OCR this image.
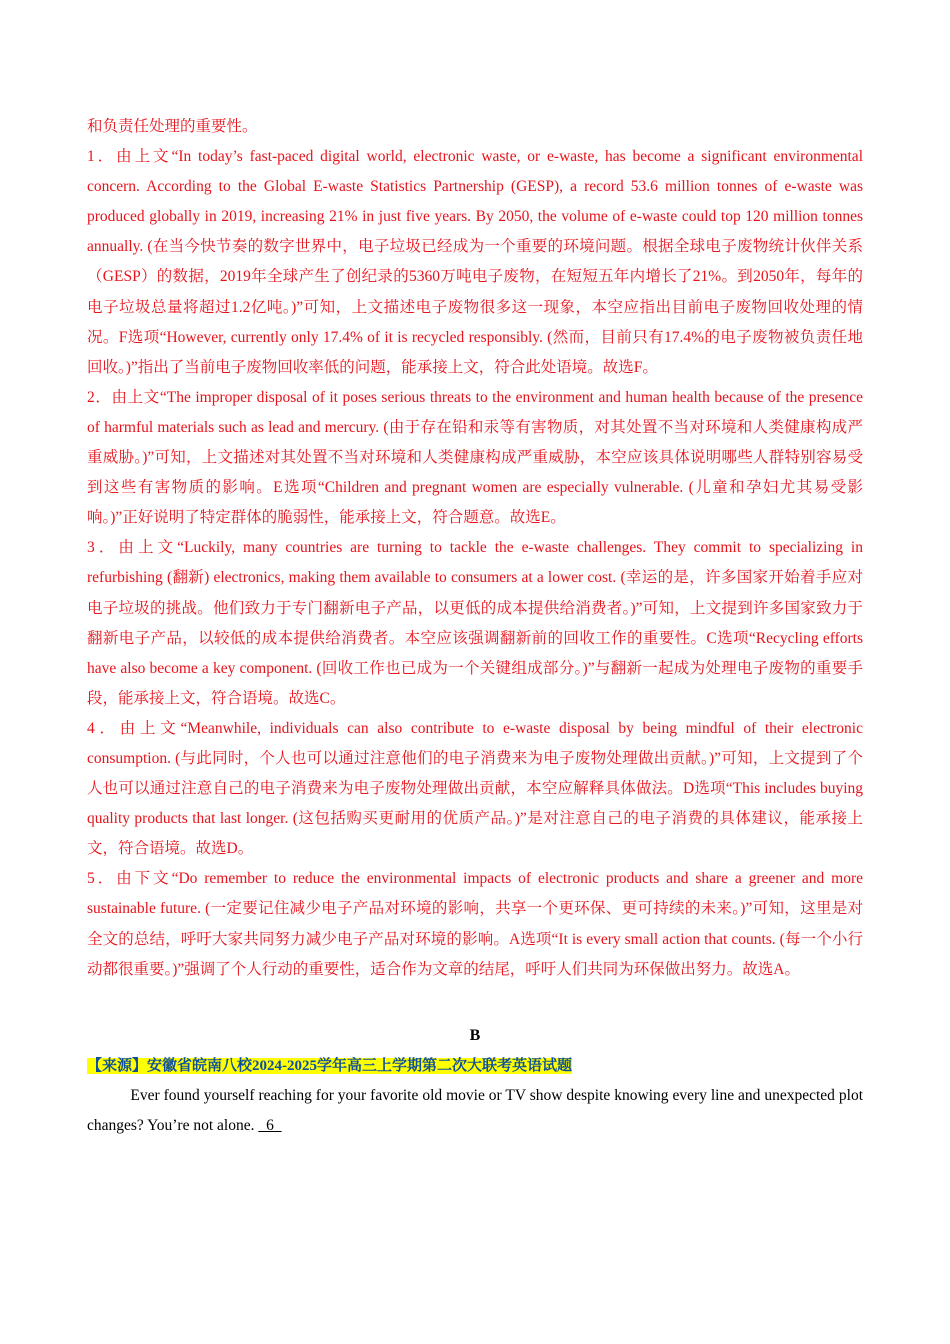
和负责任处理的重要性。

1．由上文“In today’s fast-paced digital world, electronic waste, or e-waste, has become a significant environmental concern. According to the Global E-waste Statistics Partnership (GESP), a record 53.6 million tonnes of e-waste was produced globally in 2019, increasing 21% in just five years. By 2050, the volume of e-waste could top 120 million tonnes annually. (在当今快节奏的数字世界中，电子垃圾已经成为一个重要的环境问题。根据全球电子废物统计伙伴关系（GESP）的数据，2019年全球产生了创纪录的5360万吨电子废物，在短短五年内增长了21%。到2050年，每年的电子垃圾总量将超过1.2亿吨。)”可知，上文描述电子废物很多这一现象，本空应指出目前电子废物回收处理的情况。F选项“However, currently only 17.4% of it is recycled responsibly. (然而，目前只有17.4%的电子废物被负责任地回收。)”指出了当前电子废物回收率低的问题，能承接上文，符合此处语境。故选F。

2．由上文“The improper disposal of it poses serious threats to the environment and human health because of the presence of harmful materials such as lead and mercury. (由于存在铅和汞等有害物质，对其处置不当对环境和人类健康构成严重威胁。)”可知，上文描述对其处置不当对环境和人类健康构成严重威胁，本空应该具体说明哪些人群特别容易受到这些有害物质的影响。E选项“Children and pregnant women are especially vulnerable. (儿童和孕妇尤其易受影响。)”正好说明了特定群体的脆弱性，能承接上文，符合题意。故选E。

3．由上文“Luckily, many countries are turning to tackle the e-waste challenges. They commit to specializing in refurbishing (翻新) electronics, making them available to consumers at a lower cost. (幸运的是，许多国家开始着手应对电子垃圾的挑战。他们致力于专门翻新电子产品，以更低的成本提供给消费者。)”可知，上文提到许多国家致力于翻新电子产品，以较低的成本提供给消费者。本空应该强调翻新前的回收工作的重要性。C选项“Recycling efforts have also become a key component. (回收工作也已成为一个关键组成部分。)”与翻新一起成为处理电子废物的重要手段，能承接上文，符合语境。故选C。

4．由上文“Meanwhile, individuals can also contribute to e-waste disposal by being mindful of their electronic consumption. (与此同时，个人也可以通过注意他们的电子消费来为电子废物处理做出贡献。)”可知，上文提到了个人也可以通过注意自己的电子消费来为电子废物处理做出贡献，本空应解释具体做法。D选项“This includes buying quality products that last longer. (这包括购买更耐用的优质产品。)”是对注意自己的电子消费的具体建议，能承接上文，符合语境。故选D。

5．由下文“Do remember to reduce the environmental impacts of electronic products and share a greener and more sustainable future. (一定要记住减少电子产品对环境的影响，共享一个更环保、更可持续的未来。)”可知，这里是对全文的总结，呼吁大家共同努力减少电子产品对环境的影响。A选项“It is every small action that counts. (每一个小行动都很重要。)”强调了个人行动的重要性，适合作为文章的结尾，呼吁人们共同为环保做出努力。故选A。

B

【来源】安徽省皖南八校2024-2025学年高三上学期第二次大联考英语试题

Ever found yourself reaching for your favorite old movie or TV show despite knowing every line and unexpected plot changes? You’re not alone.   6
